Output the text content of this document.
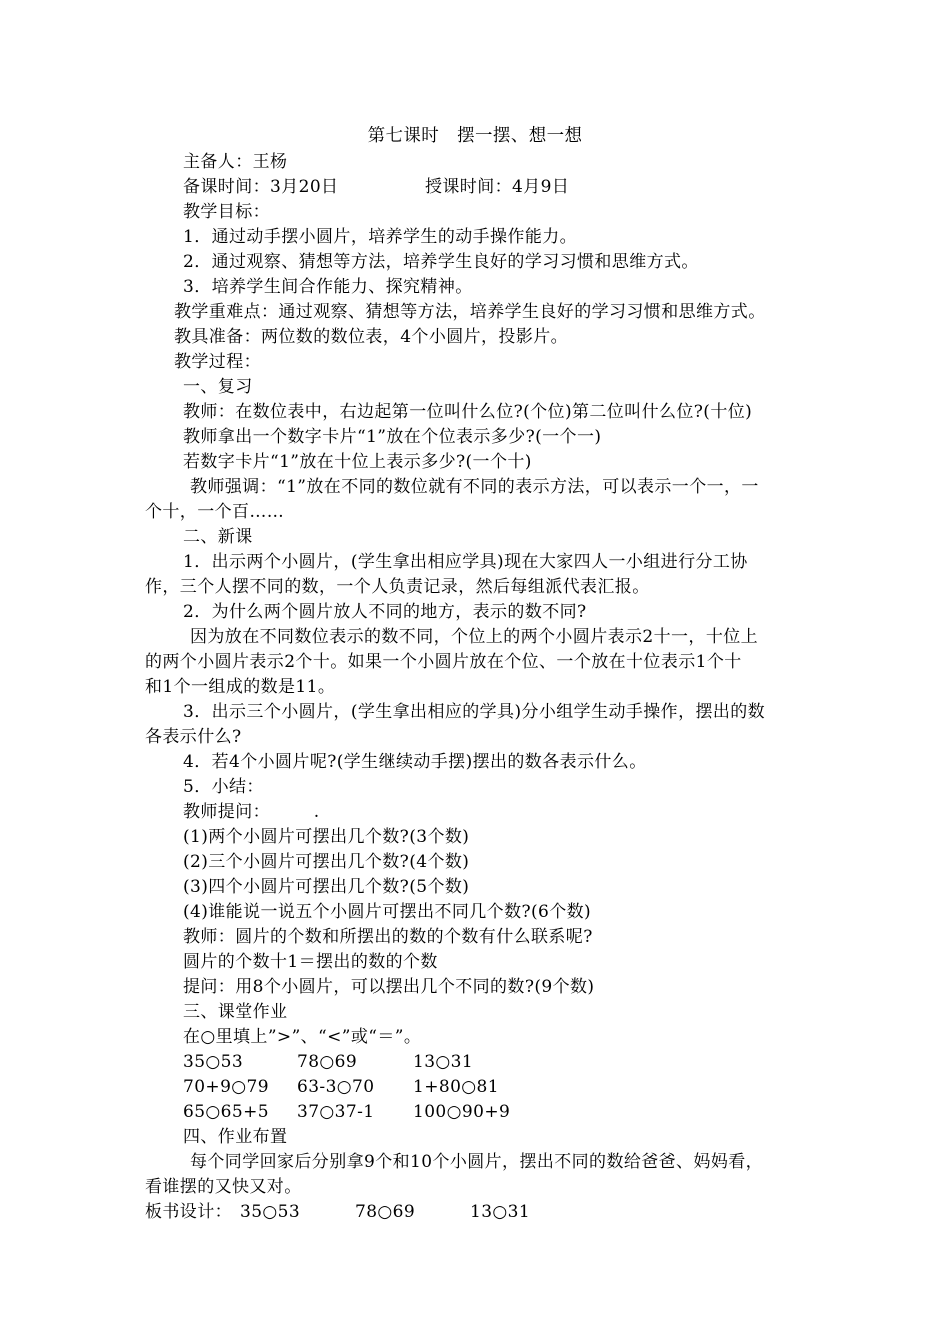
第七课时　摆一摆、想一想
主备人：王杨
备课时间：3月20日	授课时间：4月9日
教学目标：
1．通过动手摆小圆片，培养学生的动手操作能力。
2．通过观察、猜想等方法，培养学生良好的学习习惯和思维方式。
3．培养学生间合作能力、探究精神。
教学重难点：通过观察、猜想等方法，培养学生良好的学习习惯和思维方式。
教具准备：两位数的数位表，4个小圆片，投影片。
教学过程：
一、复习
教师：在数位表中，右边起第一位叫什么位?(个位)第二位叫什么位?(十位)
教师拿出一个数字卡片“1”放在个位表示多少?(一个一)
若数字卡片“1”放在十位上表示多少?(一个十)
教师强调：“1”放在不同的数位就有不同的表示方法，可以表示一个一，一
个十，一个百……
二、新课
1．出示两个小圆片，(学生拿出相应学具)现在大家四人一小组进行分工协
作，三个人摆不同的数，一个人负责记录，然后每组派代表汇报。
2．为什么两个圆片放人不同的地方，表示的数不同?
因为放在不同数位表示的数不同，个位上的两个小圆片表示2十一，十位上
的两个小圆片表示2个十。如果一个小圆片放在个位、一个放在十位表示1个十
和1个一组成的数是11。
3．出示三个小圆片，(学生拿出相应的学具)分小组学生动手操作，摆出的数
各表示什么?
4．若4个小圆片呢?(学生继续动手摆)摆出的数各表示什么。
5．小结：
教师提问：　　　.
(1)两个小圆片可摆出几个数?(3个数)
(2)三个小圆片可摆出几个数?(4个数)
(3)四个小圆片可摆出几个数?(5个数)
(4)谁能说一说五个小圆片可摆出不同几个数?(6个数)
教师：圆片的个数和所摆出的数的个数有什么联系呢?
圆片的个数十1＝摆出的数的个数
提问：用8个小圆片，可以摆出几个不同的数?(9个数)
三、课堂作业
在○里填上”>”、“<”或“＝”。
35○53	78○69	13○31
70+9○79 63-3○70 1+80○81
65○65+5 37○37-1 100○90+9
四、作业布置
每个同学回家后分别拿9个和10个小圆片，摆出不同的数给爸爸、妈妈看，
看谁摆的又快又对。
板书设计： 35○53	78○69	13○31
